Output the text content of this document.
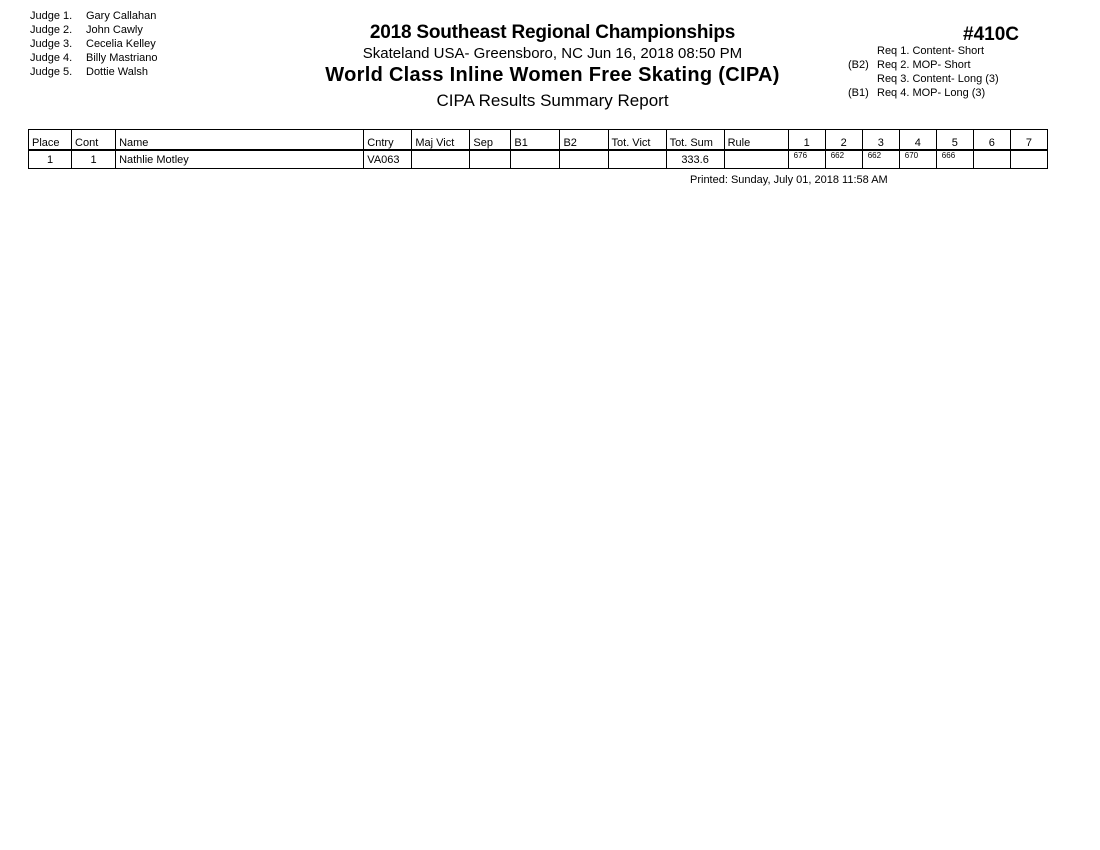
Judge 1. Gary Callahan
Judge 2. John Cawly
Judge 3. Cecelia Kelley
Judge 4. Billy Mastriano
Judge 5. Dottie Walsh
2018 Southeast Regional Championships
Skateland USA- Greensboro, NC Jun 16, 2018 08:50 PM
World Class Inline Women Free Skating (CIPA)
CIPA Results Summary Report
#410C
Req 1. Content- Short
(B2) Req 2. MOP- Short
Req 3. Content- Long (3)
(B1) Req 4. MOP- Long (3)
Place	Cont	Name	Cntry	Maj Vict	Sep	B1	B2	Tot. Vict	Tot. Sum	Rule	1	2	3	4	5	6	7
1	1	Nathlie Motley	VA063						333.6		676	662	662	670	666		
Printed: Sunday, July 01, 2018 11:58 AM
